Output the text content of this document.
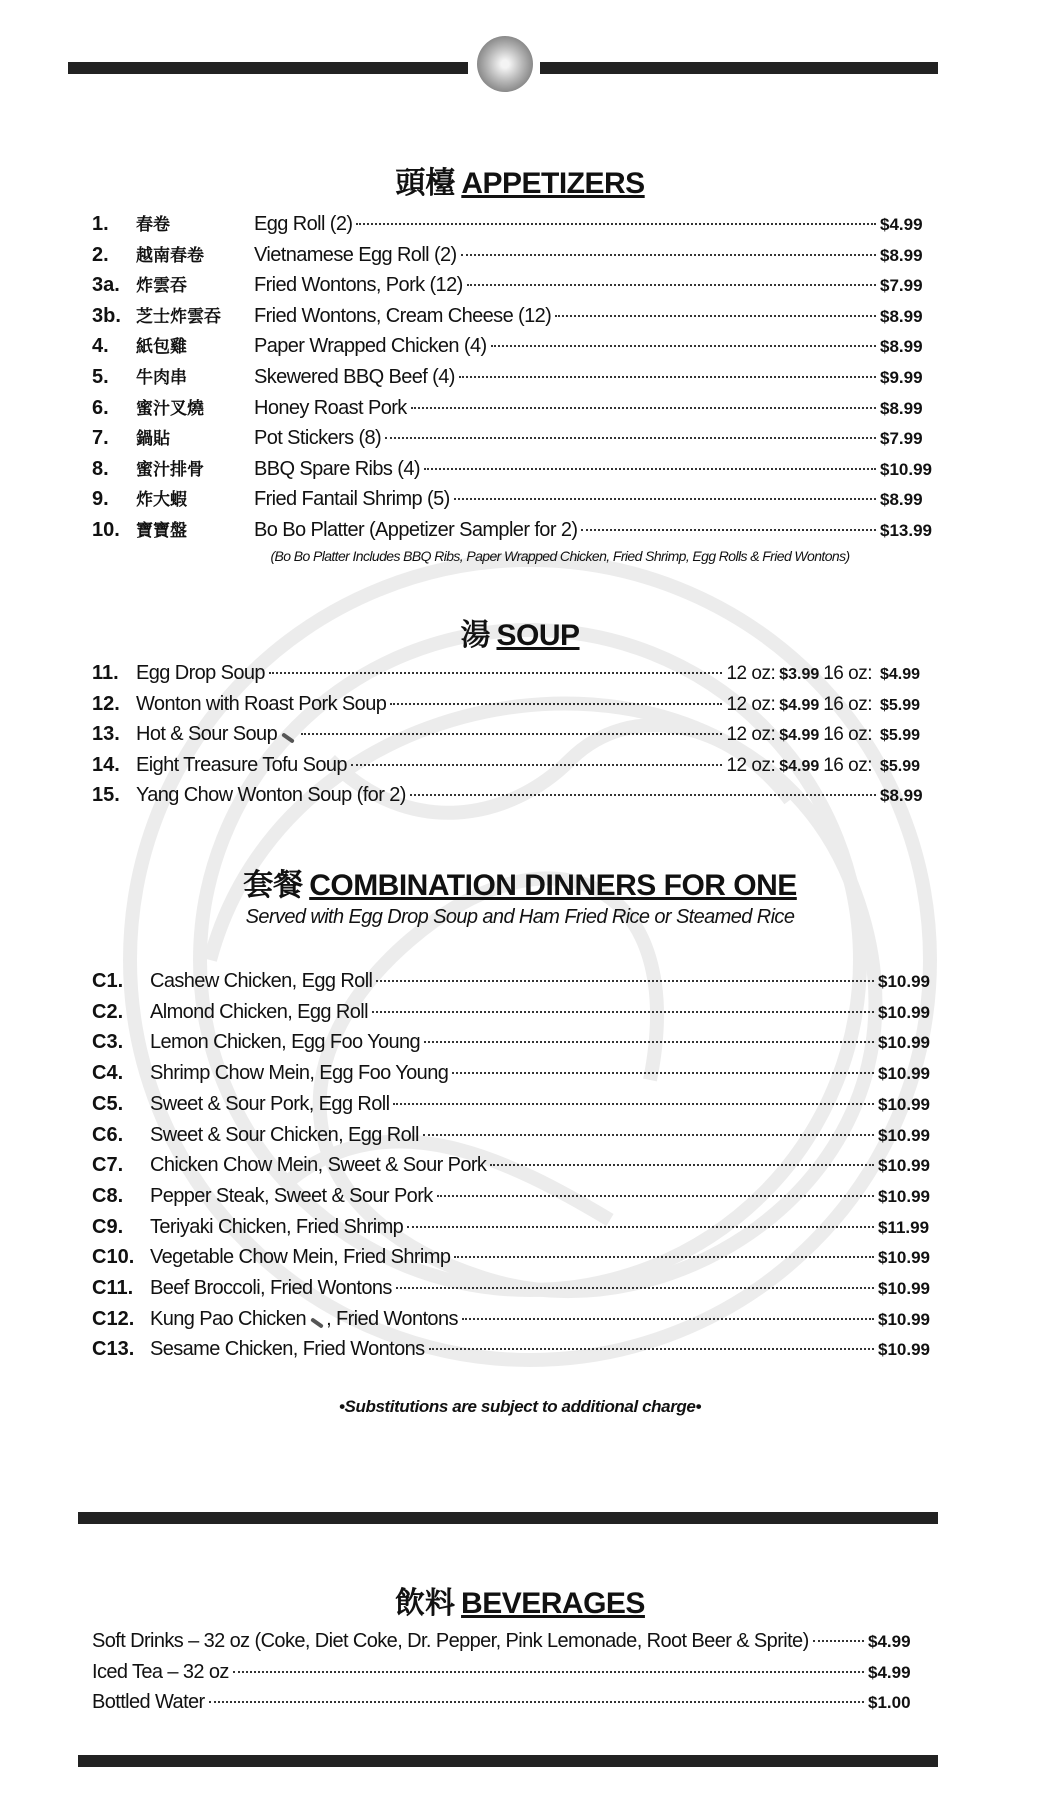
頭檯 APPETIZERS
1.	春卷	Egg Roll (2)	$4.99
2.	越南春卷	Vietnamese Egg Roll (2)	$8.99
3a. 炸雲吞	Fried Wontons, Pork (12)	$7.99
3b. 芝士炸雲吞	Fried Wontons, Cream Cheese (12)	$8.99
4.	紙包雞	Paper Wrapped Chicken (4)	$8.99
5.	牛肉串	Skewered BBQ Beef (4)	$9.99
6.	蜜汁叉燒	Honey Roast Pork	$8.99
7.	鍋貼	Pot Stickers (8)	$7.99
8.	蜜汁排骨	BBQ Spare Ribs (4)	$10.99
9.	炸大蝦	Fried Fantail Shrimp (5)	$8.99
10. 寶寶盤	Bo Bo Platter (Appetizer Sampler for 2)	$13.99
(Bo Bo Platter Includes BBQ Ribs, Paper Wrapped Chicken, Fried Shrimp, Egg Rolls & Fried Wontons)
湯 SOUP
11. Egg Drop Soup	12 oz: $3.99 16 oz: $4.99
12. Wonton with Roast Pork Soup	12 oz: $4.99 16 oz: $5.99
13. Hot & Sour Soup	12 oz: $4.99 16 oz: $5.99
14. Eight Treasure Tofu Soup	12 oz: $4.99 16 oz: $5.99
15. Yang Chow Wonton Soup (for 2)	$8.99
套餐 COMBINATION DINNERS FOR ONE
Served with Egg Drop Soup and Ham Fried Rice or Steamed Rice
C1.	Cashew Chicken, Egg Roll	$10.99
C2.	Almond Chicken, Egg Roll	$10.99
C3.	Lemon Chicken, Egg Foo Young	$10.99
C4.	Shrimp Chow Mein, Egg Foo Young	$10.99
C5.	Sweet & Sour Pork, Egg Roll	$10.99
C6.	Sweet & Sour Chicken, Egg Roll	$10.99
C7.	Chicken Chow Mein, Sweet & Sour Pork	$10.99
C8.	Pepper Steak, Sweet & Sour Pork	$10.99
C9.	Teriyaki Chicken, Fried Shrimp	$11.99
C10. Vegetable Chow Mein, Fried Shrimp	$10.99
C11. Beef Broccoli, Fried Wontons	$10.99
C12. Kung Pao Chicken , Fried Wontons	$10.99
C13. Sesame Chicken, Fried Wontons	$10.99
•Substitutions are subject to additional charge•
飲料 BEVERAGES
Soft Drinks – 32 oz (Coke, Diet Coke, Dr. Pepper, Pink Lemonade, Root Beer & Sprite)	$4.99
Iced Tea – 32 oz	$4.99
Bottled Water	$1.00
